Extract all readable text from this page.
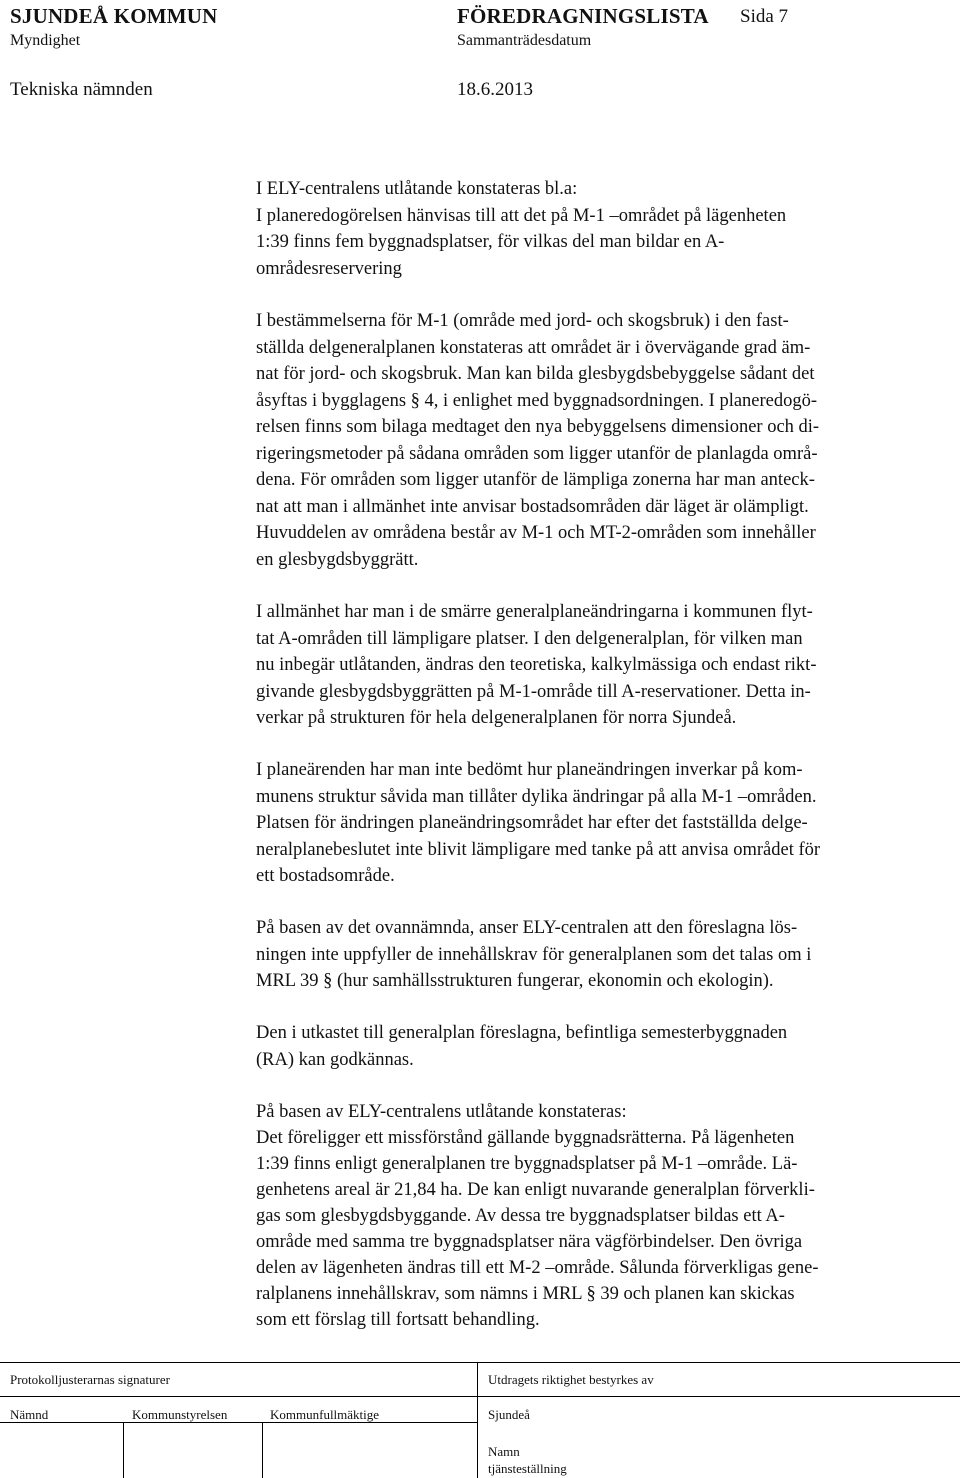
SJUNDEÅ KOMMUN	FÖREDRAGNINGSLISTA Sida 7
Myndighet	Sammanträdesdatum
Tekniska nämnden	18.6.2013
I ELY-centralens utlåtande konstateras bl.a:
I planeredogörelsen hänvisas till att det på M-1 –området på lägenheten
1:39 finns fem byggnadsplatser, för vilkas del man bildar en A-
områdesreservering
I bestämmelserna för M-1 (område med jord- och skogsbruk) i den fast-
ställda delgeneralplanen konstateras att området är i övervägande grad äm-
nat för jord- och skogsbruk. Man kan bilda glesbygdsbebyggelse sådant det
åsyftas i bygglagens § 4, i enlighet med byggnadsordningen. I planeredogö-
relsen finns som bilaga medtaget den nya bebyggelsens dimensioner och di-
rigeringsmetoder på sådana områden som ligger utanför de planlagda områ-
dena. För områden som ligger utanför de lämpliga zonerna har man anteck-
nat att man i allmänhet inte anvisar bostadsområden där läget är olämpligt.
Huvuddelen av områdena består av M-1 och MT-2-områden som innehåller
en glesbygdsbyggrätt.
I allmänhet har man i de smärre generalplaneändringarna i kommunen flyt-
tat A-områden till lämpligare platser. I den delgeneralplan, för vilken man
nu inbegär utlåtanden, ändras den teoretiska, kalkylmässiga och endast rikt-
givande glesbygdsbyggrätten på M-1-område till A-reservationer. Detta in-
verkar på strukturen för hela delgeneralplanen för norra Sjundeå.
I planeärenden har man inte bedömt hur planeändringen inverkar på kom-
munens struktur såvida man tillåter dylika ändringar på alla M-1 –områden.
Platsen för ändringen planeändringsområdet har efter det fastställda delge-
neralplanebeslutet inte blivit lämpligare med tanke på att anvisa området för
ett bostadsområde.
På basen av det ovannämnda, anser ELY-centralen att den föreslagna lös-
ningen inte uppfyller de innehållskrav för generalplanen som det talas om i
MRL 39 § (hur samhällsstrukturen fungerar, ekonomin och ekologin).
Den i utkastet till generalplan föreslagna, befintliga semesterbyggnaden
(RA) kan godkännas.
På basen av ELY-centralens utlåtande konstateras:
Det föreligger ett missförstånd gällande byggnadsrätterna. På lägenheten
1:39 finns enligt generalplanen tre byggnadsplatser på M-1 –område. Lä-
genhetens areal är 21,84 ha. De kan enligt nuvarande generalplan förverkli-
gas som glesbygdsbyggande. Av dessa tre byggnadsplatser bildas ett A-
område med samma tre byggnadsplatser nära vägförbindelser. Den övriga
delen av lägenheten ändras till ett M-2 –område. Sålunda förverkligas gene-
ralplanens innehållskrav, som nämns i MRL § 39 och planen kan skickas
som ett förslag till fortsatt behandling.
Protokolljusterarnas signaturer	Utdragets riktighet bestyrkes av
Nämnd	Kommunstyrelsen	Kommunfullmäktige	Sjundeå
Namn
tjänsteställning
